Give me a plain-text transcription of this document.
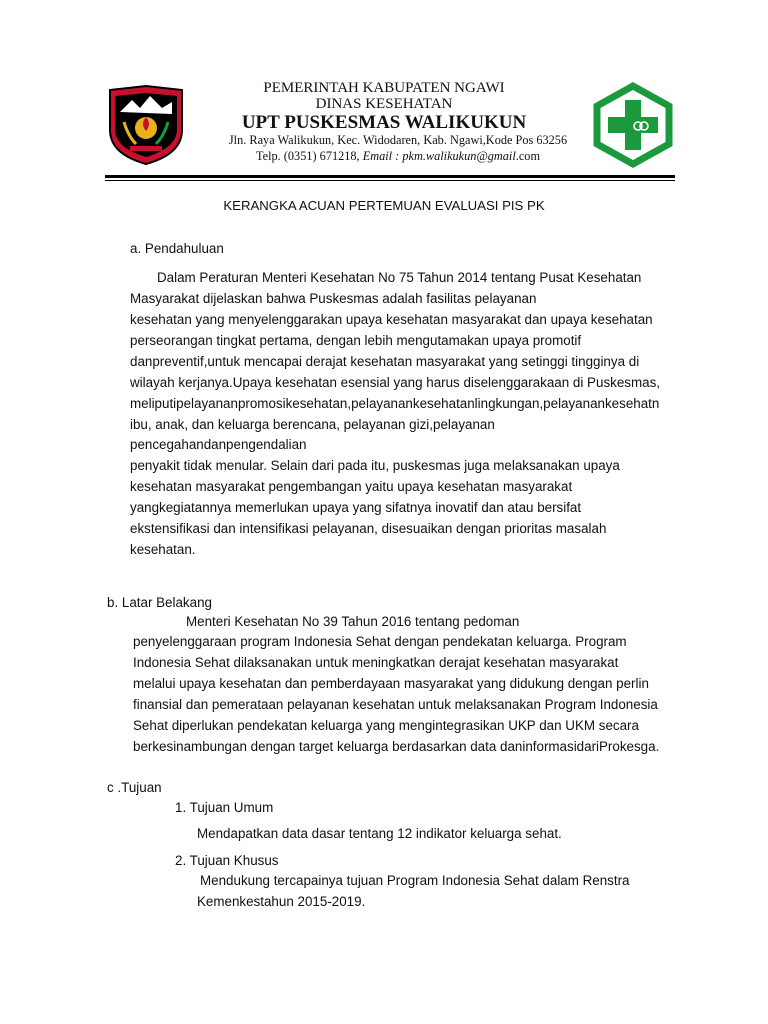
PEMERINTAH KABUPATEN NGAWI
DINAS KESEHATAN
UPT PUSKESMAS WALIKUKUN
Jln. Raya Walikukun, Kec. Widodaren, Kab. Ngawi,Kode Pos 63256
Telp. (0351) 671218, Email : pkm.walikukun@gmail.com
KERANGKA ACUAN PERTEMUAN EVALUASI PIS PK
a. Pendahuluan
Dalam Peraturan Menteri Kesehatan No 75 Tahun 2014 tentang Pusat Kesehatan
Masyarakat dijelaskan bahwa Puskesmas adalah fasilitas pelayanan
kesehatan yang menyelenggarakan upaya kesehatan masyarakat dan upaya kesehatan
perseorangan tingkat pertama, dengan lebih mengutamakan upaya promotif
danpreventif,untuk mencapai derajat kesehatan masyarakat yang setinggi tingginya di
wilayah kerjanya.Upaya kesehatan esensial yang harus diselenggarakaan di Puskesmas,
meliputipelayananpromosikesehatan,pelayanankesehatanlingkungan,pelayanankesehatn
ibu, anak, dan keluarga berencana, pelayanan gizi,pelayanan
pencegahandanpengendalian
penyakit tidak menular. Selain dari pada itu, puskesmas juga melaksanakan upaya
kesehatan masyarakat pengembangan yaitu upaya kesehatan masyarakat
yangkegiatannya memerlukan upaya yang sifatnya inovatif dan atau bersifat
ekstensifikasi dan intensifikasi pelayanan, disesuaikan dengan prioritas masalah
kesehatan.
b. Latar Belakang
Menteri Kesehatan No 39 Tahun 2016 tentang pedoman
penyelenggaraan program Indonesia Sehat dengan pendekatan keluarga. Program
Indonesia Sehat dilaksanakan untuk meningkatkan derajat kesehatan masyarakat
melalui upaya kesehatan dan pemberdayaan masyarakat yang didukung dengan perlin
finansial dan pemerataan pelayanan kesehatan untuk melaksanakan Program Indonesia
Sehat diperlukan pendekatan keluarga yang mengintegrasikan UKP dan UKM secara
berkesinambungan dengan target keluarga berdasarkan data daninformasidariProkesga.
c .Tujuan
1. Tujuan Umum
Mendapatkan data dasar tentang 12 indikator keluarga sehat.
2. Tujuan Khusus
Mendukung tercapainya tujuan Program Indonesia Sehat dalam Renstra
Kemenkestahun 2015-2019.
